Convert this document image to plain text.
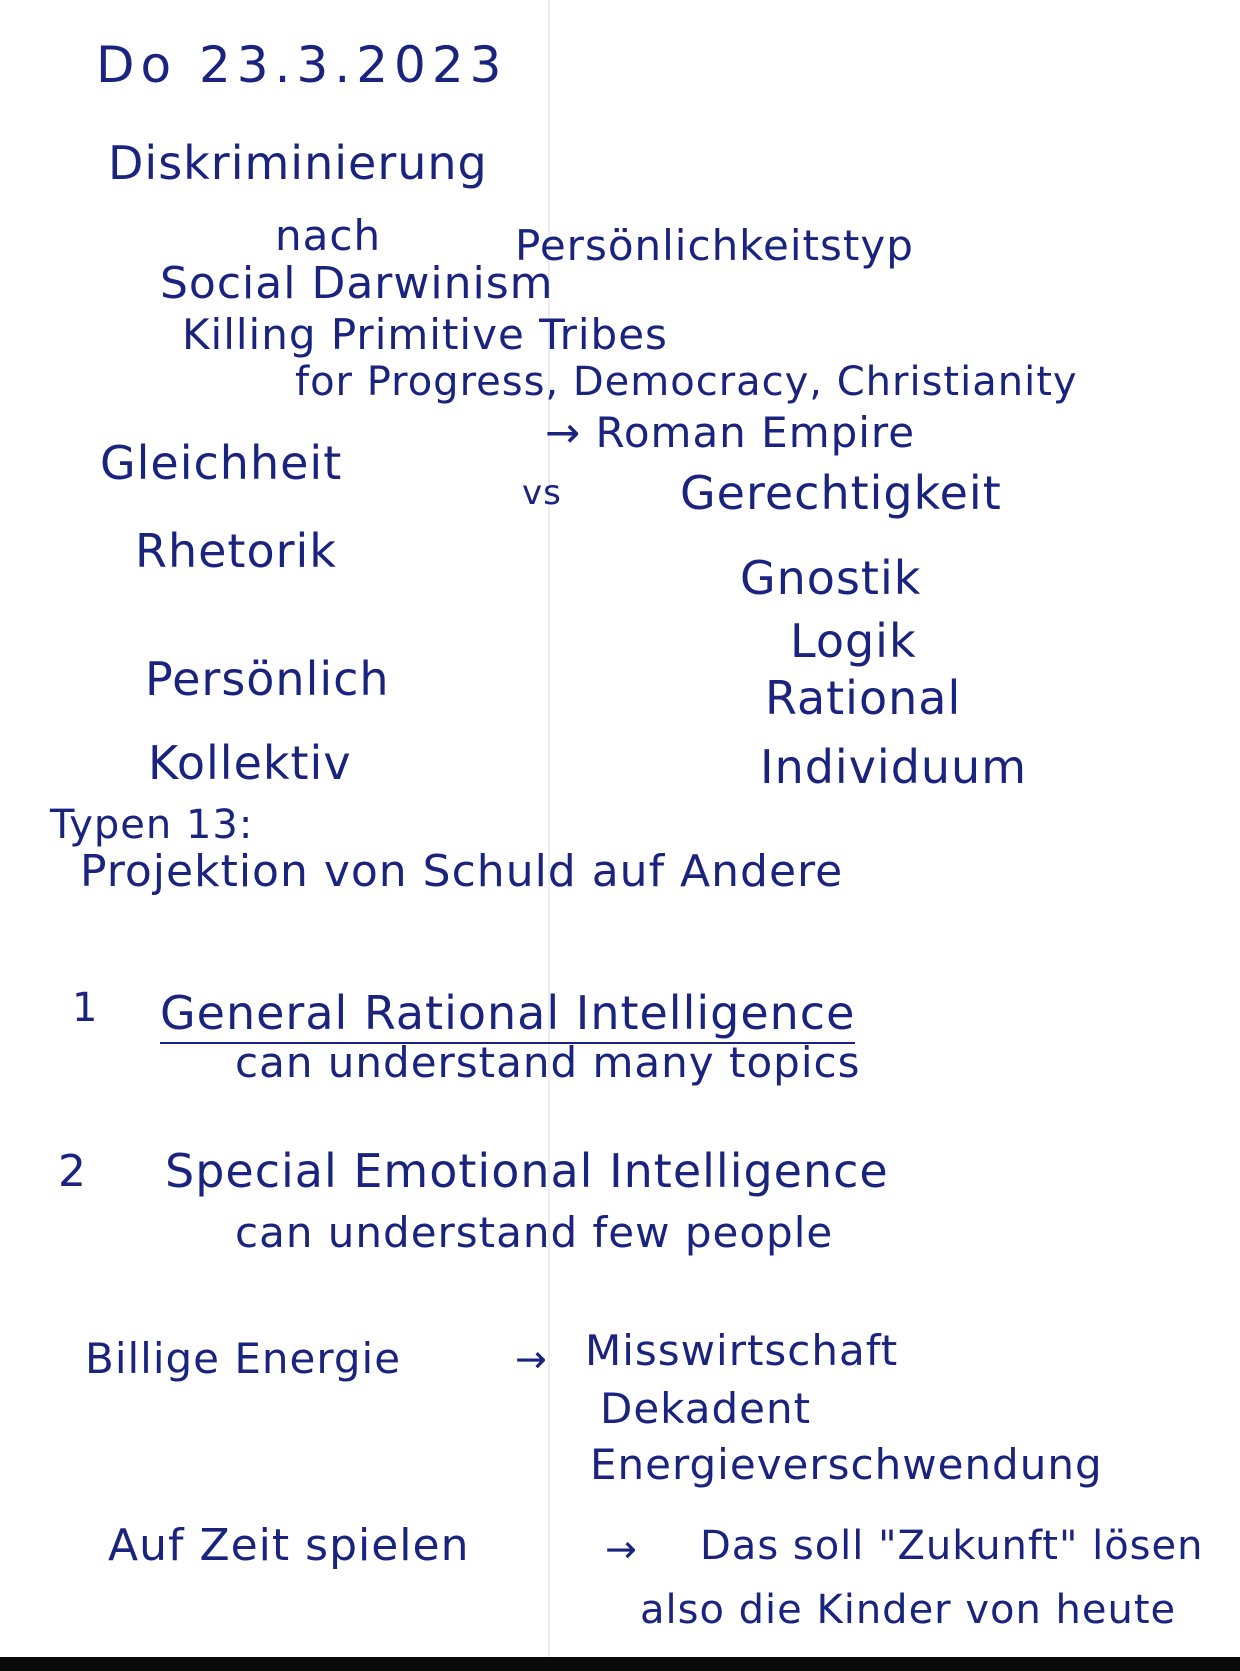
Do 23.3.2023
Diskriminierung
nach	Persönlichkeitstyp
Social Darwinism
Killing Primitive Tribes
for Progress, Democracy, Christianity
→ Roman Empire
Gleichheit
vs	Gerechtigkeit
Rhetorik	Gnostik
Logik
Persönlich	Rational
Kollektiv	Individuum
Typen 13:
Projektion von Schuld auf Andere
1 General Rational Intelligence
can understand many topics
2 Special Emotional Intelligence
can understand few people
Billige Energie	→ Misswirtschaft
Dekadent
Energieverschwendung
Auf Zeit spielen	→ Das soll "Zukunft" lösen
also die Kinder von heute
